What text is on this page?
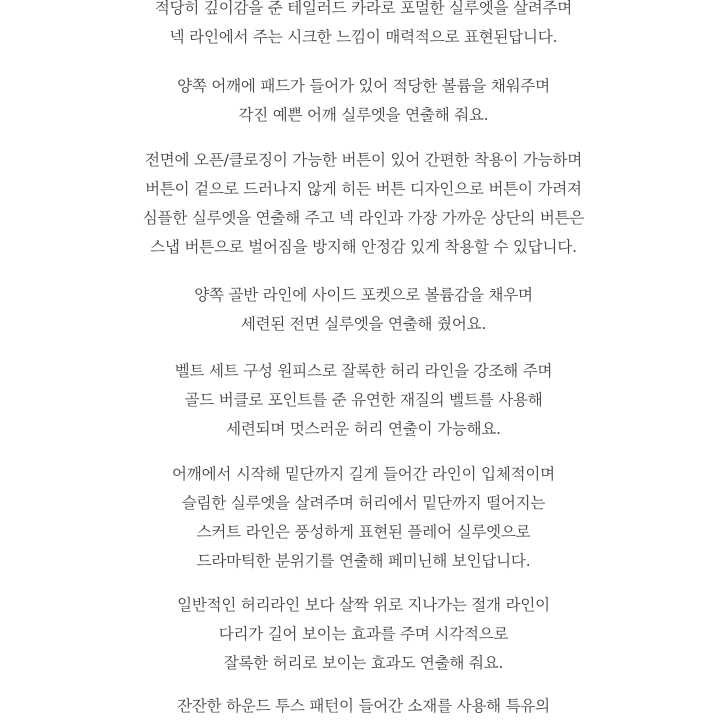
적당히 깊이감을 준 테일러드 카라로 포멀한 실루엣을 살려주며
넥 라인에서 주는 시크한 느낌이 매력적으로 표현된답니다.
양쪽 어깨에 패드가 들어가 있어 적당한 볼륨을 채워주며
각진 예쁜 어깨 실루엣을 연출해 줘요.
전면에 오픈/클로징이 가능한 버튼이 있어 간편한 착용이 가능하며
버튼이 겉으로 드러나지 않게 히든 버튼 디자인으로 버튼이 가려져
심플한 실루엣을 연출해 주고 넥 라인과 가장 가까운 상단의 버튼은
스냅 버튼으로 벌어짐을 방지해 안정감 있게 착용할 수 있답니다.
양쪽 골반 라인에 사이드 포켓으로 볼륨감을 채우며
세련된 전면 실루엣을 연출해 줬어요.
벨트 세트 구성 원피스로 잘록한 허리 라인을 강조해 주며
골드 버클로 포인트를 준 유연한 재질의 벨트를 사용해
세련되며 멋스러운 허리 연출이 가능해요.
어깨에서 시작해 밑단까지 길게 들어간 라인이 입체적이며
슬림한 실루엣을 살려주며 허리에서 밑단까지 떨어지는
스커트 라인은 풍성하게 표현된 플레어 실루엣으로
드라마틱한 분위기를 연출해 페미닌해 보인답니다.
일반적인 허리라인 보다 살짝 위로 지나가는 절개 라인이
다리가 길어 보이는 효과를 주며 시각적으로
잘록한 허리로 보이는 효과도 연출해 줘요.
잔잔한 하운드 투스 패턴이 들어간 소재를 사용해 특유의
